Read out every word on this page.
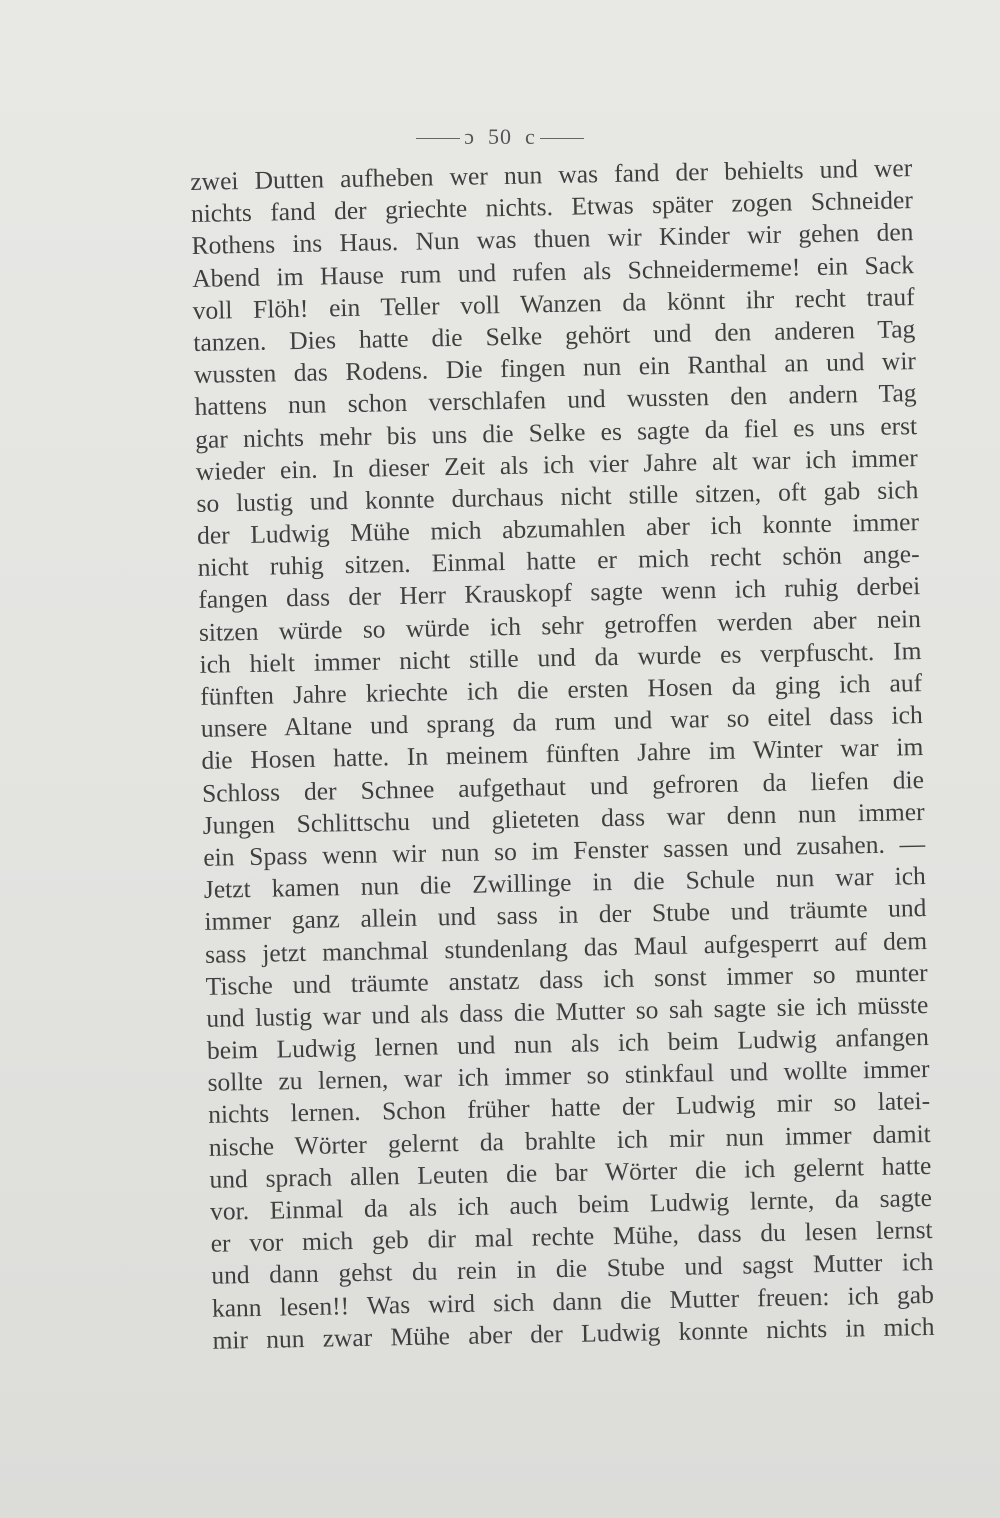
ɔ 50 c
zwei Dutten aufheben wer nun was fand der behielts und wer
nichts fand der griechte nichts. Etwas später zogen Schneider
Rothens ins Haus. Nun was thuen wir Kinder wir gehen den
Abend im Hause rum und rufen als Schneidermeme! ein Sack
voll Flöh! ein Teller voll Wanzen da könnt ihr recht trauf
tanzen. Dies hatte die Selke gehört und den anderen Tag
wussten das Rodens. Die fingen nun ein Ranthal an und wir
hattens nun schon verschlafen und wussten den andern Tag
gar nichts mehr bis uns die Selke es sagte da fiel es uns erst
wieder ein. In dieser Zeit als ich vier Jahre alt war ich immer
so lustig und konnte durchaus nicht stille sitzen, oft gab sich
der Ludwig Mühe mich abzumahlen aber ich konnte immer
nicht ruhig sitzen. Einmal hatte er mich recht schön ange-
fangen dass der Herr Krauskopf sagte wenn ich ruhig derbei
sitzen würde so würde ich sehr getroffen werden aber nein
ich hielt immer nicht stille und da wurde es verpfuscht. Im
fünften Jahre kriechte ich die ersten Hosen da ging ich auf
unsere Altane und sprang da rum und war so eitel dass ich
die Hosen hatte. In meinem fünften Jahre im Winter war im
Schloss der Schnee aufgethaut und gefroren da liefen die
Jungen Schlittschu und glieteten dass war denn nun immer
ein Spass wenn wir nun so im Fenster sassen und zusahen. —
Jetzt kamen nun die Zwillinge in die Schule nun war ich
immer ganz allein und sass in der Stube und träumte und
sass jetzt manchmal stundenlang das Maul aufgesperrt auf dem
Tische und träumte anstatz dass ich sonst immer so munter
und lustig war und als dass die Mutter so sah sagte sie ich müsste
beim Ludwig lernen und nun als ich beim Ludwig anfangen
sollte zu lernen, war ich immer so stinkfaul und wollte immer
nichts lernen. Schon früher hatte der Ludwig mir so latei-
nische Wörter gelernt da brahlte ich mir nun immer damit
und sprach allen Leuten die bar Wörter die ich gelernt hatte
vor. Einmal da als ich auch beim Ludwig lernte, da sagte
er vor mich geb dir mal rechte Mühe, dass du lesen lernst
und dann gehst du rein in die Stube und sagst Mutter ich
kann lesen!! Was wird sich dann die Mutter freuen: ich gab
mir nun zwar Mühe aber der Ludwig konnte nichts in mich
